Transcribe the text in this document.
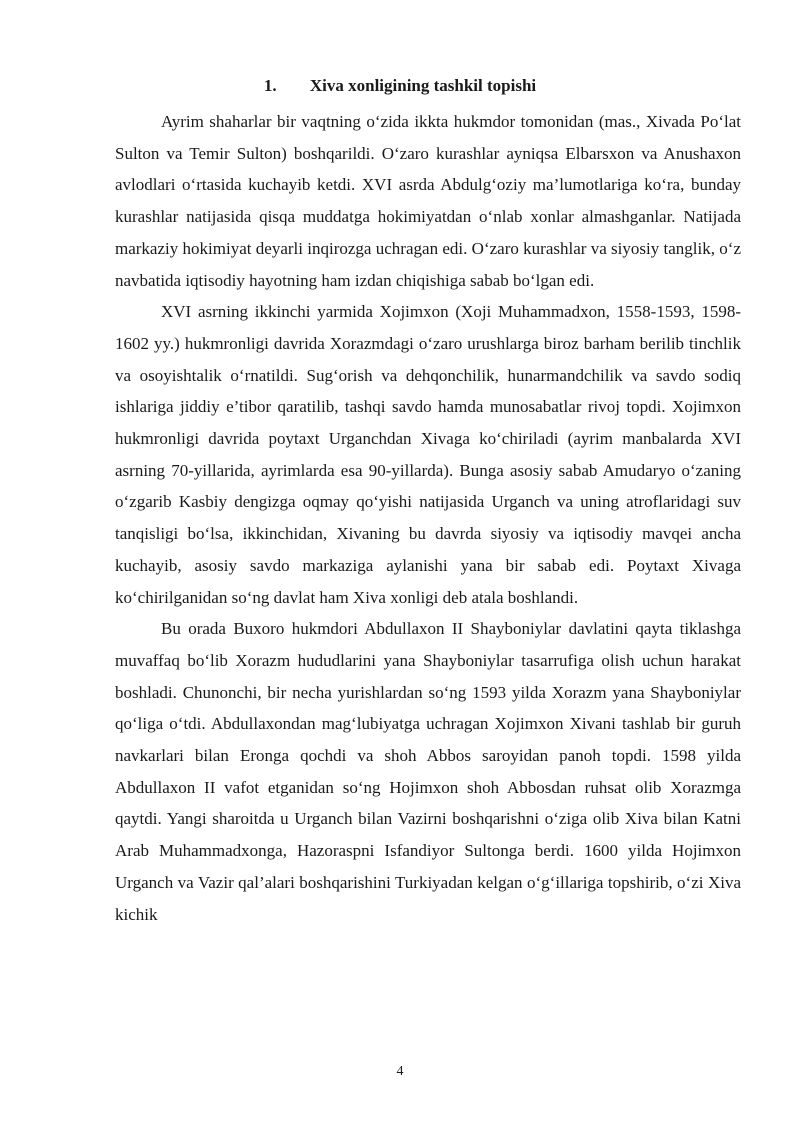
1. Xiva xonligining tashkil topishi

Ayrim shaharlar bir vaqtning o‘zida ikkta hukmdor tomonidan (mas., Xivada Po‘lat Sulton va Temir Sulton) boshqarildi. O‘zaro kurashlar ayniqsa Elbarsxon va Anushaxon avlodlari o‘rtasida kuchayib ketdi. XVI asrda Abdulg‘oziy ma’lumotlariga ko‘ra, bunday kurashlar natijasida qisqa muddatga hokimiyatdan o‘nlab xonlar almashganlar. Natijada markaziy hokimiyat deyarli inqirozga uchragan edi. O‘zaro kurashlar va siyosiy tanglik, o‘z navbatida iqtisodiy hayotning ham izdan chiqishiga sabab bo‘lgan edi.

XVI asrning ikkinchi yarmida Xojimxon (Xoji Muhammadxon, 1558-1593, 1598-1602 yy.) hukmronligi davrida Xorazmdagi o‘zaro urushlarga biroz barham berilib tinchlik va osoyishtalik o‘rnatildi. Sug‘orish va dehqonchilik, hunarmandchilik va savdo sodiq ishlariga jiddiy e’tibor qaratilib, tashqi savdo hamda munosabatlar rivoj topdi. Xojimxon hukmronligi davrida poytaxt Urganchdan Xivaga ko‘chiriladi (ayrim manbalarda XVI asrning 70-yillarida, ayrimlarda esa 90-yillarda). Bunga asosiy sabab Amudaryo o‘zaning o‘zgarib Kasbiy dengizga oqmay qo‘yishi natijasida Urganch va uning atroflaridagi suv tanqisligi bo‘lsa, ikkinchidan, Xivaning bu davrda siyosiy va iqtisodiy mavqei ancha kuchayib, asosiy savdo markaziga aylanishi yana bir sabab edi. Poytaxt Xivaga ko‘chirilganidan so‘ng davlat ham Xiva xonligi deb atala boshlandi.

Bu orada Buxoro hukmdori Abdullaxon II Shayboniylar davlatini qayta tiklashga muvaffaq bo‘lib Xorazm hududlarini yana Shayboniylar tasarrufiga olish uchun harakat boshladi. Chunonchi, bir necha yurishlardan so‘ng 1593 yilda Xorazm yana Shayboniylar qo‘liga o‘tdi. Abdullaxondan mag‘lubiyatga uchragan Xojimxon Xivani tashlab bir guruh navkarlari bilan Eronga qochdi va shoh Abbos saroyidan panoh topdi. 1598 yilda Abdullaxon II vafot etganidan so‘ng Hojimxon shoh Abbosdan ruhsat olib Xorazmga qaytdi. Yangi sharoitda u Urganch bilan Vazirni boshqarishni o‘ziga olib Xiva bilan Katni Arab Muhammadxonga, Hazoraspni Isfandiyor Sultonga berdi. 1600 yilda Hojimxon Urganch va Vazir qal’alari boshqarishini Turkiyadan kelgan o‘g‘illariga topshirib, o‘zi Xiva kichik

4
